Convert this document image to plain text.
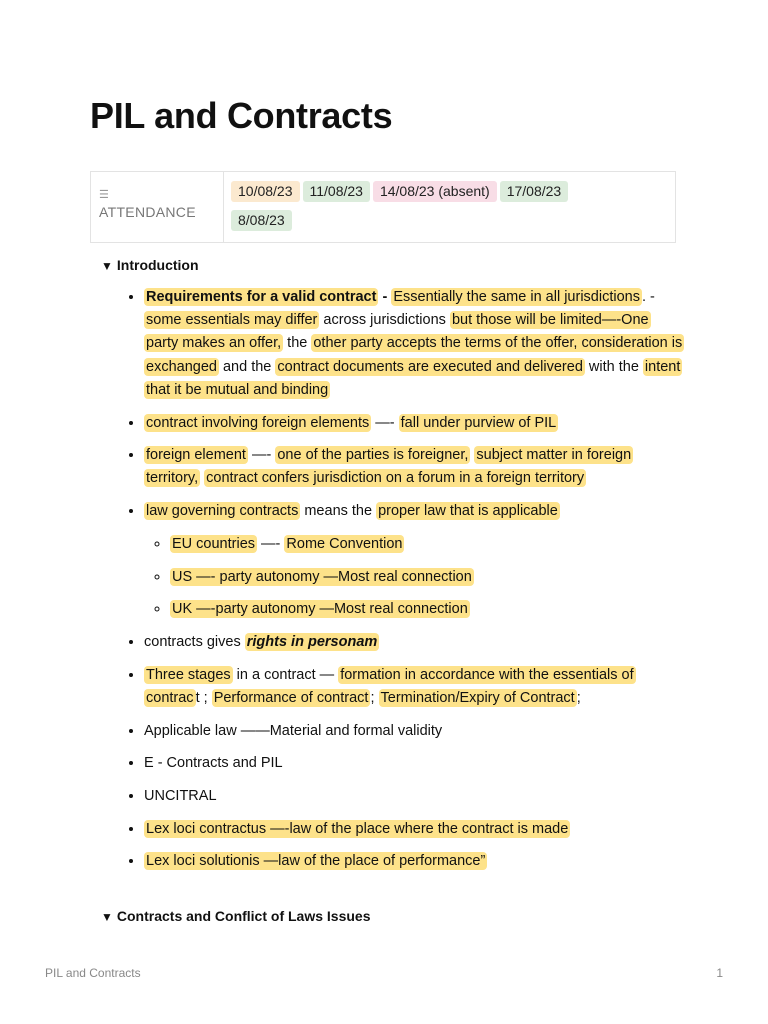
PIL and Contracts
☰
ATTENDANCE
10/08/23 11/08/23 14/08/23 (absent) 17/08/23
8/08/23
▼ Introduction
• Requirements for a valid contract - Essentially the same in all jurisdictions . - some essentials may differ across jurisdictions but those will be limited—-One party makes an offer, the other party accepts the terms of the offer, consideration is exchanged and the contract documents are executed and delivered with the intent that it be mutual and binding
• contract involving foreign elements —- fall under purview of PIL
• foreign element —- one of the parties is foreigner, subject matter in foreign territory, contract confers jurisdiction on a forum in a foreign territory
• law governing contracts means the proper law that is applicable
◦ EU countries —- Rome Convention
◦ US —- party autonomy —Most real connection
◦ UK —-party autonomy —Most real connection
• contracts gives rights in personam
• Three stages in a contract — formation in accordance with the essentials of contrac t ; Performance of contract ; Termination/Expiry of Contract ;
• Applicable law ——Material and formal validity
• E - Contracts and PIL
• UNCITRAL
• Lex loci contractus —-law of the place where the contract is made
• Lex loci solutionis —law of the place of performance”
▼ Contracts and Conflict of Laws Issues
PIL and Contracts	1
